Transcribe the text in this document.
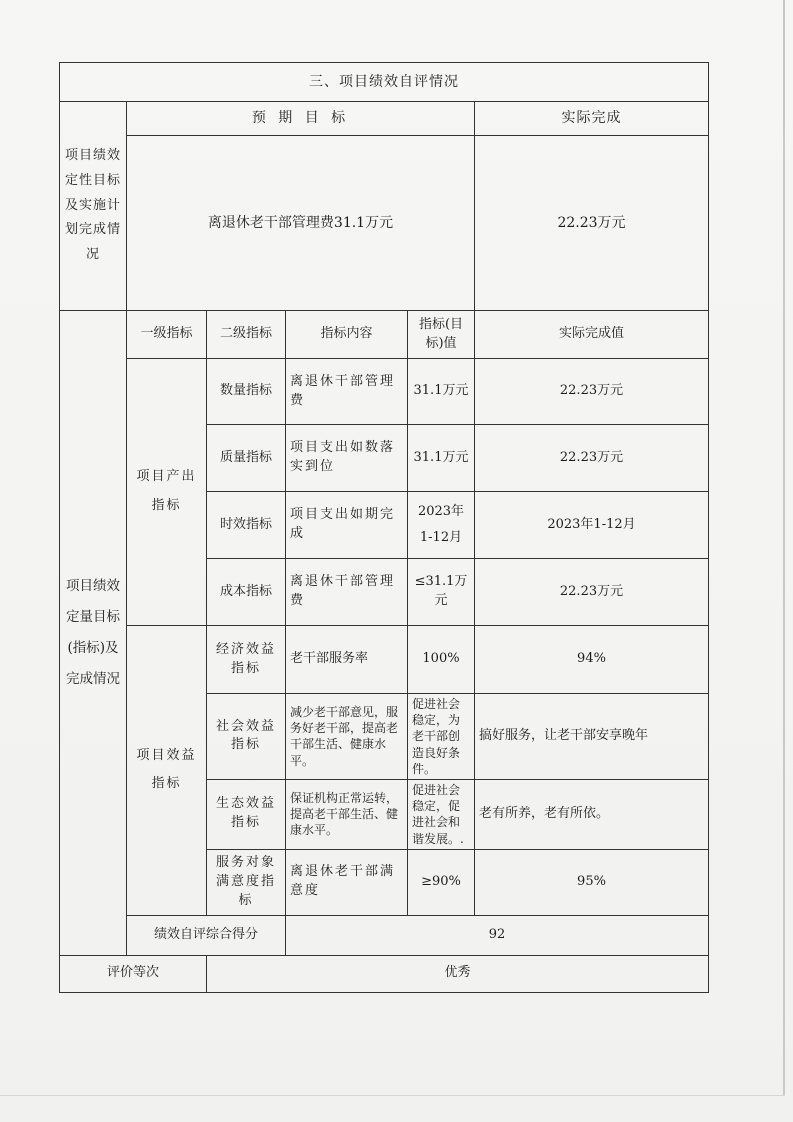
三、项目绩效自评情况					
项目绩效定性目标及实施计划完成情况	预 期 目 标				实际完成
	离退休老干部管理费31.1万元				22.23万元
项目绩效定量目标(指标)及完成情况	一级指标	二级指标	指标内容	指标(目标)值	实际完成值
	项目产出指标	数量指标	离退休干部管理费	31.1万元	22.23万元
		质量指标	项目支出如数落实到位	31.1万元	22.23万元
		时效指标	项目支出如期完成	2023年1-12月	2023年1-12月
		成本指标	离退休干部管理费	≤31.1万元	22.23万元
	项目效益指标	经济效益指标	老干部服务率	100%	94%
		社会效益指标	减少老干部意见，服务好老干部，提高老干部生活、健康水平。	促进社会稳定，为老干部创造良好条件。	搞好服务，让老干部安享晚年
		生态效益指标	保证机构正常运转，提高老干部生活、健康水平。	促进社会稳定，促进社会和谐发展。.	老有所养，老有所依。
		服务对象满意度指标	离退休老干部满意度	≥90%	95%
	绩效自评综合得分		92		
评价等次		优秀			
